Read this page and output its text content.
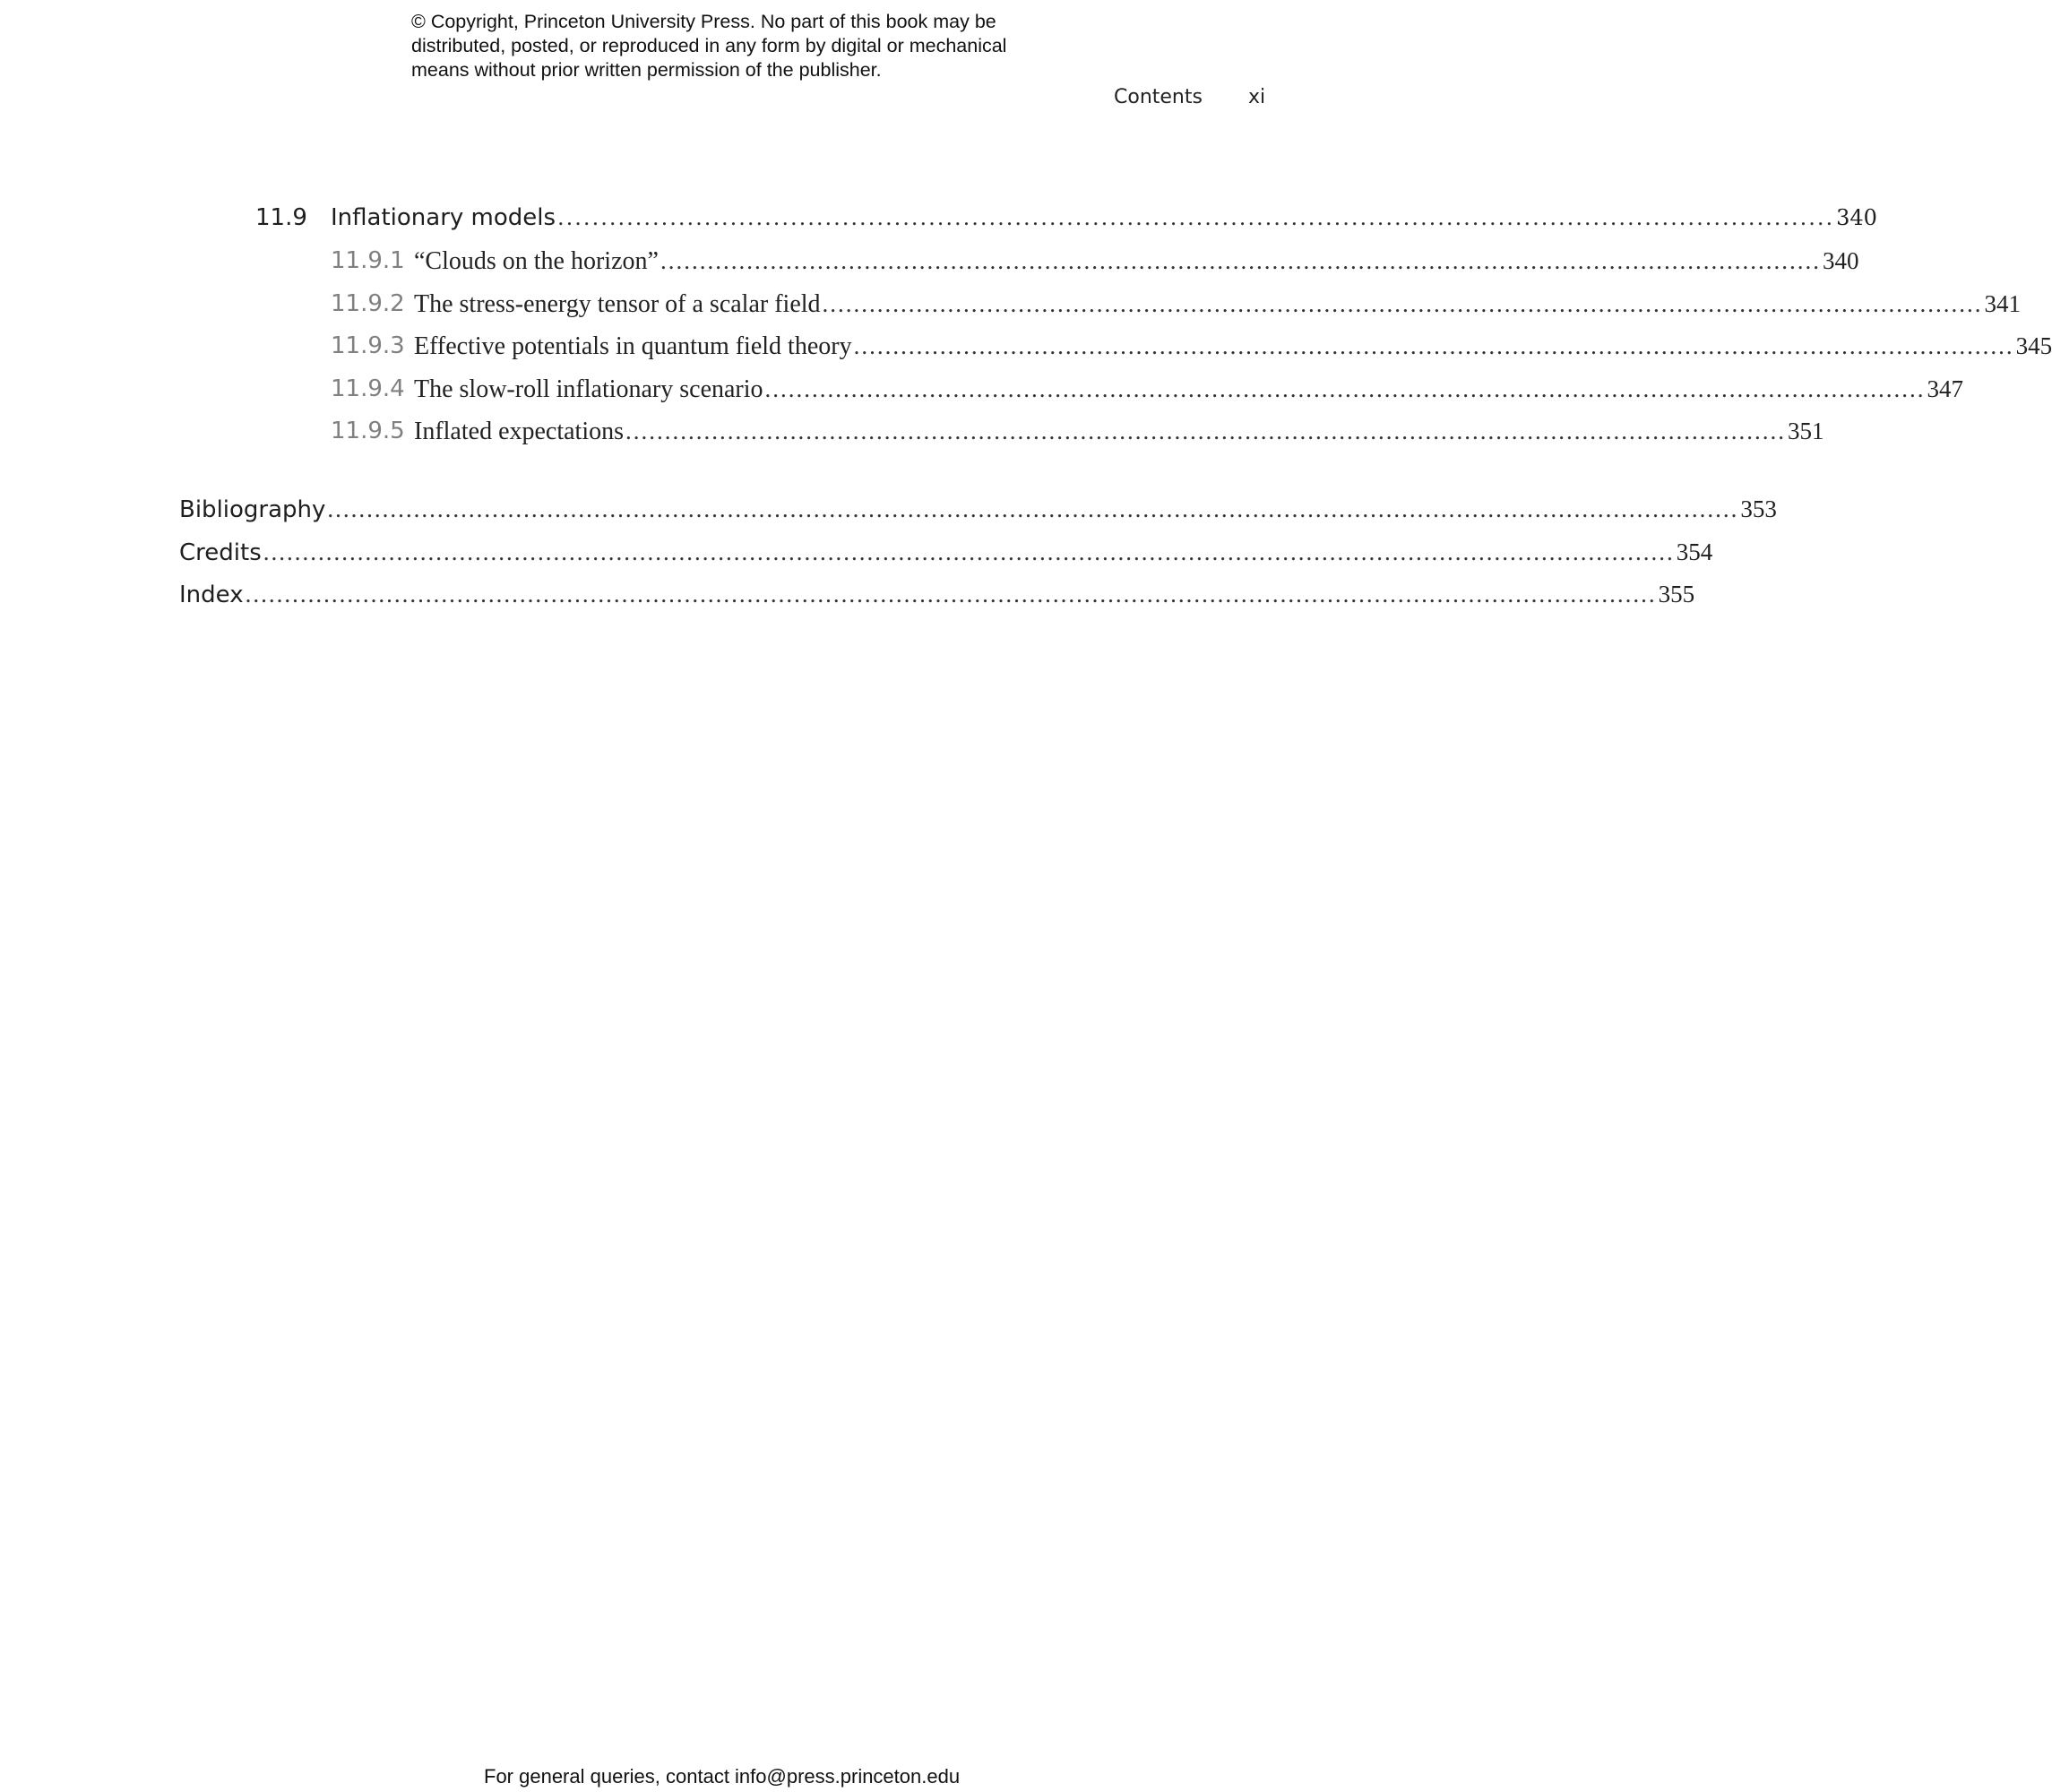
© Copyright, Princeton University Press. No part of this book may be
distributed, posted, or reproduced in any form by digital or mechanical
means without prior written permission of the publisher.
Contents xi
11.9 Inflationary models .................................................................................................................................................... 340
11.9.1 “Clouds on the horizon” .................................................................................................................................................... 340
11.9.2 The stress-energy tensor of a scalar field .................................................................................................................................................... 341
11.9.3 Effective potentials in quantum field theory .................................................................................................................................................... 345
11.9.4 The slow-roll inflationary scenario .................................................................................................................................................... 347
11.9.5 Inflated expectations .................................................................................................................................................... 351
Bibliography .................................................................................................................................................................................... 353
Credits .................................................................................................................................................................................... 354
Index .................................................................................................................................................................................... 355
For general queries, contact info@press.princeton.edu
